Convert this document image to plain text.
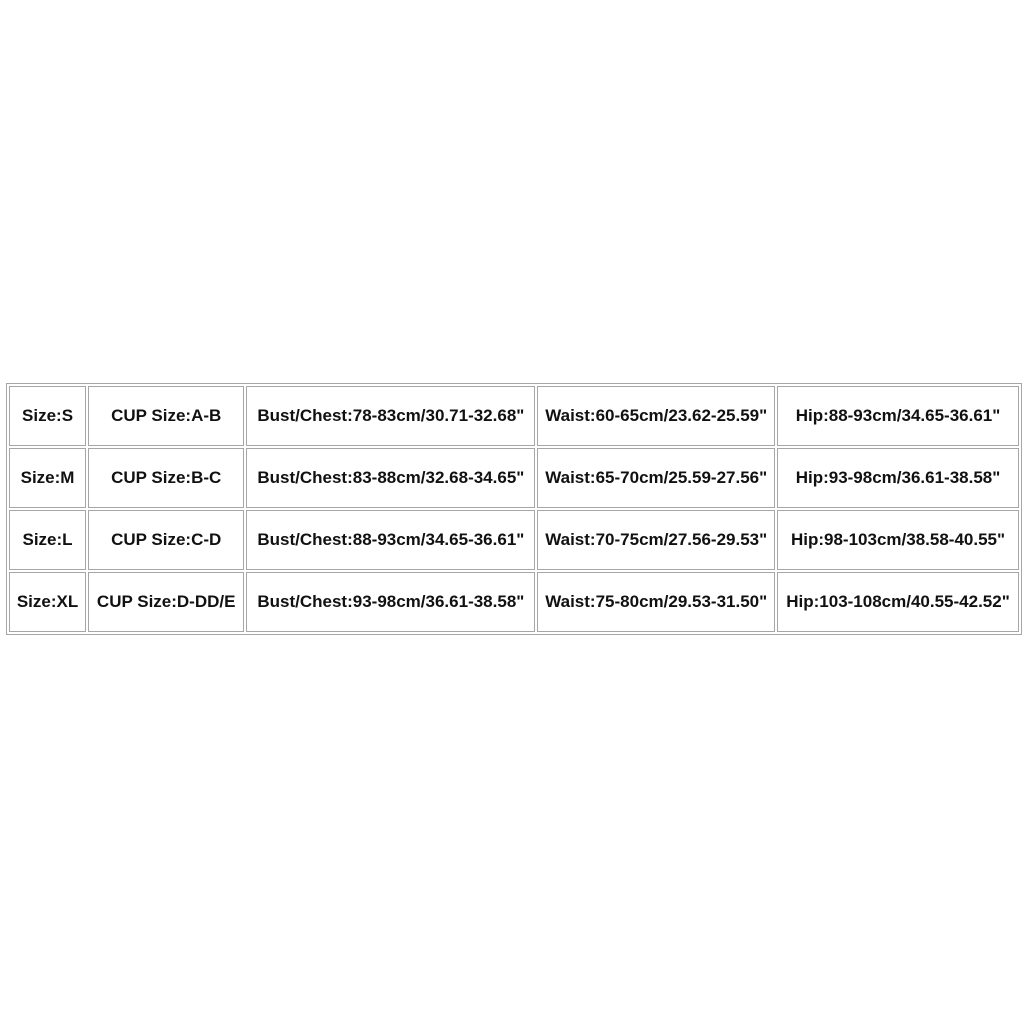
Size:S	CUP Size:A-B	Bust/Chest:78-83cm/30.71-32.68"	Waist:60-65cm/23.62-25.59"	Hip:88-93cm/34.65-36.61"
Size:M	CUP Size:B-C	Bust/Chest:83-88cm/32.68-34.65"	Waist:65-70cm/25.59-27.56"	Hip:93-98cm/36.61-38.58"
Size:L	CUP Size:C-D	Bust/Chest:88-93cm/34.65-36.61"	Waist:70-75cm/27.56-29.53"	Hip:98-103cm/38.58-40.55"
Size:XL	CUP Size:D-DD/E	Bust/Chest:93-98cm/36.61-38.58"	Waist:75-80cm/29.53-31.50"	Hip:103-108cm/40.55-42.52"
